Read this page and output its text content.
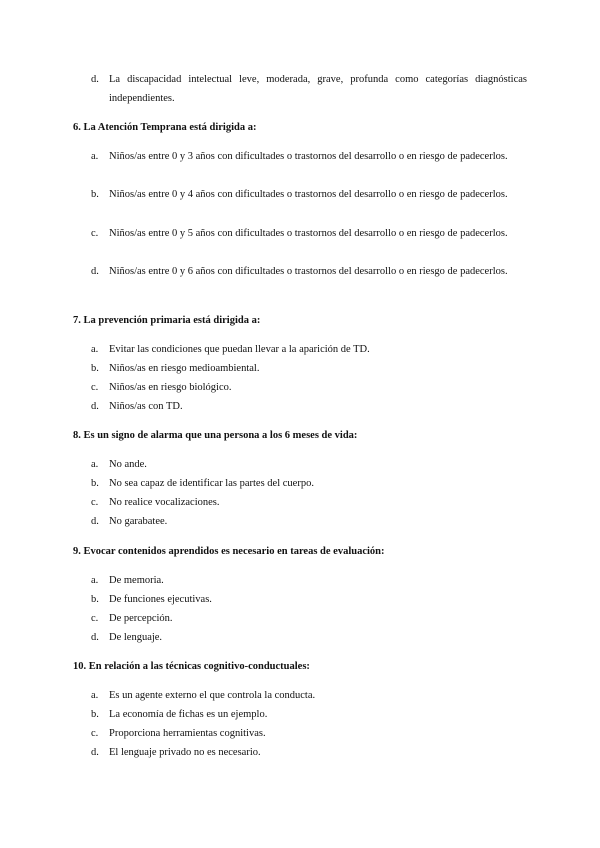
d. La discapacidad intelectual leve, moderada, grave, profunda como categorías diagnósticas independientes.
6. La Atención Temprana está dirigida a:
a. Niños/as entre 0 y 3 años con dificultades o trastornos del desarrollo o en riesgo de padecerlos.
b. Niños/as entre 0 y 4 años con dificultades o trastornos del desarrollo o en riesgo de padecerlos.
c. Niños/as entre 0 y 5 años con dificultades o trastornos del desarrollo o en riesgo de padecerlos.
d. Niños/as entre 0 y 6 años con dificultades o trastornos del desarrollo o en riesgo de padecerlos.
7. La prevención primaria está dirigida a:
a. Evitar las condiciones que puedan llevar a la aparición de TD.
b. Niños/as en riesgo medioambiental.
c. Niños/as en riesgo biológico.
d. Niños/as con TD.
8. Es un signo de alarma que una persona a los 6 meses de vida:
a. No ande.
b. No sea capaz de identificar las partes del cuerpo.
c. No realice vocalizaciones.
d. No garabatee.
9. Evocar contenidos aprendidos es necesario en tareas de evaluación:
a. De memoria.
b. De funciones ejecutivas.
c. De percepción.
d. De lenguaje.
10. En relación a las técnicas cognitivo-conductuales:
a. Es un agente externo el que controla la conducta.
b. La economía de fichas es un ejemplo.
c. Proporciona herramientas cognitivas.
d. El lenguaje privado no es necesario.
